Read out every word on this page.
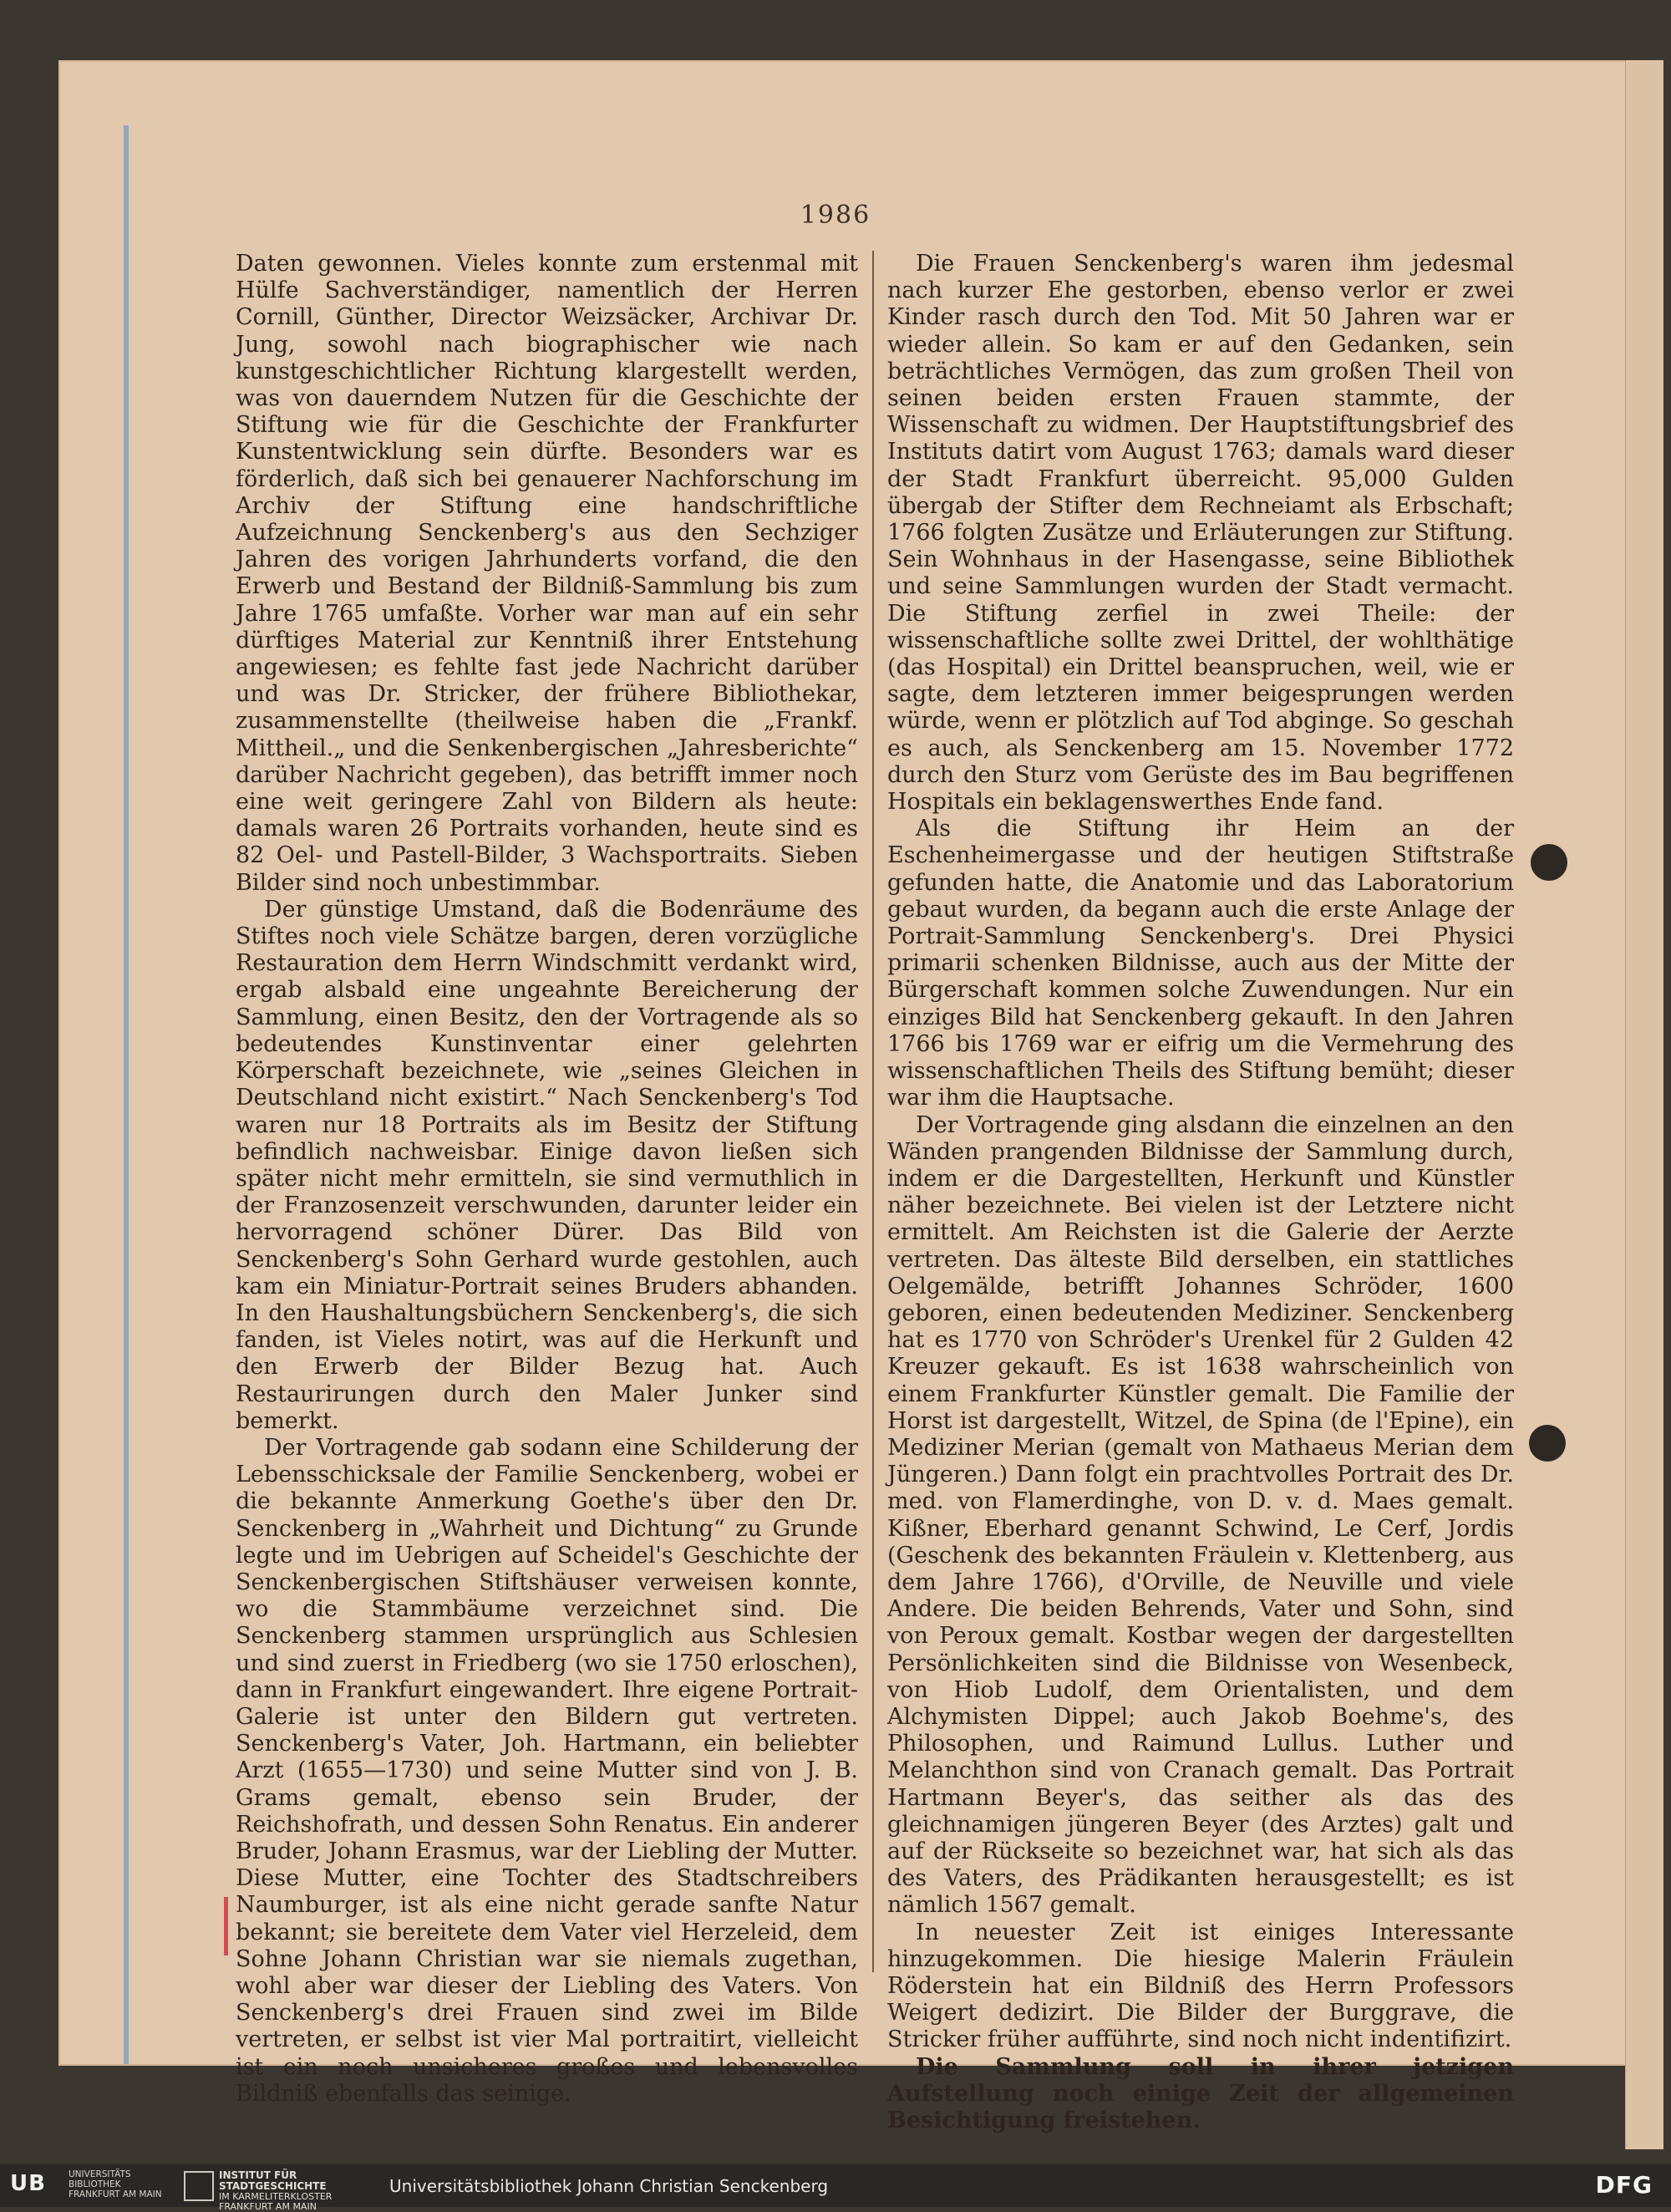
1986

Daten gewonnen. Vieles konnte zum erstenmal mit Hülfe Sachverständiger, namentlich der Herren Cornill, Günther, Director Weizsäcker, Archivar Dr. Jung, sowohl nach biographischer wie nach kunstgeschichtlicher Richtung klargestellt werden, was von dauerndem Nutzen für die Geschichte der Stiftung wie für die Geschichte der Frankfurter Kunstentwicklung sein dürfte. Besonders war es förderlich, daß sich bei genauerer Nachforschung im Archiv der Stiftung eine handschriftliche Aufzeichnung Senckenberg's aus den Sechziger Jahren des vorigen Jahrhunderts vorfand, die den Erwerb und Bestand der Bildniß-Sammlung bis zum Jahre 1765 umfaßte. Vorher war man auf ein sehr dürftiges Material zur Kenntniß ihrer Entstehung angewiesen; es fehlte fast jede Nachricht darüber und was Dr. Stricker, der frühere Bibliothekar, zusammenstellte (theilweise haben die „Frankf. Mittheil.„ und die Senkenbergischen „Jahresberichte“ darüber Nachricht gegeben), das betrifft immer noch eine weit geringere Zahl von Bildern als heute: damals waren 26 Portraits vorhanden, heute sind es 82 Oel- und Pastell-Bilder, 3 Wachsportraits. Sieben Bilder sind noch unbestimmbar.

Der günstige Umstand, daß die Bodenräume des Stiftes noch viele Schätze bargen, deren vorzügliche Restauration dem Herrn Windschmitt verdankt wird, ergab alsbald eine ungeahnte Bereicherung der Sammlung, einen Besitz, den der Vortragende als so bedeutendes Kunstinventar einer gelehrten Körperschaft bezeichnete, wie „seines Gleichen in Deutschland nicht existirt.“ Nach Senckenberg's Tod waren nur 18 Portraits als im Besitz der Stiftung befindlich nachweisbar. Einige davon ließen sich später nicht mehr ermitteln, sie sind vermuthlich in der Franzosenzeit verschwunden, darunter leider ein hervorragend schöner Dürer. Das Bild von Senckenberg's Sohn Gerhard wurde gestohlen, auch kam ein Miniatur-Portrait seines Bruders abhanden. In den Haushaltungsbüchern Senckenberg's, die sich fanden, ist Vieles notirt, was auf die Herkunft und den Erwerb der Bilder Bezug hat. Auch Restaurirungen durch den Maler Junker sind bemerkt.

Der Vortragende gab sodann eine Schilderung der Lebensschicksale der Familie Senckenberg, wobei er die bekannte Anmerkung Goethe's über den Dr. Senckenberg in „Wahrheit und Dichtung“ zu Grunde legte und im Uebrigen auf Scheidel's Geschichte der Senckenbergischen Stiftshäuser verweisen konnte, wo die Stammbäume verzeichnet sind. Die Senckenberg stammen ursprünglich aus Schlesien und sind zuerst in Friedberg (wo sie 1750 erloschen), dann in Frankfurt eingewandert. Ihre eigene Portrait-Galerie ist unter den Bildern gut vertreten. Senckenberg's Vater, Joh. Hartmann, ein beliebter Arzt (1655—1730) und seine Mutter sind von J. B. Grams gemalt, ebenso sein Bruder, der Reichshofrath, und dessen Sohn Renatus. Ein anderer Bruder, Johann Erasmus, war der Liebling der Mutter. Diese Mutter, eine Tochter des Stadtschreibers Naumburger, ist als eine nicht gerade sanfte Natur bekannt; sie bereitete dem Vater viel Herzeleid, dem Sohne Johann Christian war sie niemals zugethan, wohl aber war dieser der Liebling des Vaters. Von Senckenberg's drei Frauen sind zwei im Bilde vertreten, er selbst ist vier Mal portraitirt, vielleicht ist ein noch unsicheres großes und lebensvolles Bildniß ebenfalls das seinige.

Die Frauen Senckenberg's waren ihm jedesmal nach kurzer Ehe gestorben, ebenso verlor er zwei Kinder rasch durch den Tod. Mit 50 Jahren war er wieder allein. So kam er auf den Gedanken, sein beträchtliches Vermögen, das zum großen Theil von seinen beiden ersten Frauen stammte, der Wissenschaft zu widmen. Der Hauptstiftungsbrief des Instituts datirt vom August 1763; damals ward dieser der Stadt Frankfurt überreicht. 95,000 Gulden übergab der Stifter dem Rechneiamt als Erbschaft; 1766 folgten Zusätze und Erläuterungen zur Stiftung. Sein Wohnhaus in der Hasengasse, seine Bibliothek und seine Sammlungen wurden der Stadt vermacht. Die Stiftung zerfiel in zwei Theile: der wissenschaftliche sollte zwei Drittel, der wohlthätige (das Hospital) ein Drittel beanspruchen, weil, wie er sagte, dem letzteren immer beigesprungen werden würde, wenn er plötzlich auf Tod abginge. So geschah es auch, als Senckenberg am 15. November 1772 durch den Sturz vom Gerüste des im Bau begriffenen Hospitals ein beklagenswerthes Ende fand.

Als die Stiftung ihr Heim an der Eschenheimergasse und der heutigen Stiftstraße gefunden hatte, die Anatomie und das Laboratorium gebaut wurden, da begann auch die erste Anlage der Portrait-Sammlung Senckenberg's. Drei Physici primarii schenken Bildnisse, auch aus der Mitte der Bürgerschaft kommen solche Zuwendungen. Nur ein einziges Bild hat Senckenberg gekauft. In den Jahren 1766 bis 1769 war er eifrig um die Vermehrung des wissenschaftlichen Theils des Stiftung bemüht; dieser war ihm die Hauptsache.

Der Vortragende ging alsdann die einzelnen an den Wänden prangenden Bildnisse der Sammlung durch, indem er die Dargestellten, Herkunft und Künstler näher bezeichnete. Bei vielen ist der Letztere nicht ermittelt. Am Reichsten ist die Galerie der Aerzte vertreten. Das älteste Bild derselben, ein stattliches Oelgemälde, betrifft Johannes Schröder, 1600 geboren, einen bedeutenden Mediziner. Senckenberg hat es 1770 von Schröder's Urenkel für 2 Gulden 42 Kreuzer gekauft. Es ist 1638 wahrscheinlich von einem Frankfurter Künstler gemalt. Die Familie der Horst ist dargestellt, Witzel, de Spina (de l'Epine), ein Mediziner Merian (gemalt von Mathaeus Merian dem Jüngeren.) Dann folgt ein prachtvolles Portrait des Dr. med. von Flamerdinghe, von D. v. d. Maes gemalt. Kißner, Eberhard genannt Schwind, Le Cerf, Jordis (Geschenk des bekannten Fräulein v. Klettenberg, aus dem Jahre 1766), d'Orville, de Neuville und viele Andere. Die beiden Behrends, Vater und Sohn, sind von Peroux gemalt. Kostbar wegen der dargestellten Persönlichkeiten sind die Bildnisse von Wesenbeck, von Hiob Ludolf, dem Orientalisten, und dem Alchymisten Dippel; auch Jakob Boehme's, des Philosophen, und Raimund Lullus. Luther und Melanchthon sind von Cranach gemalt. Das Portrait Hartmann Beyer's, das seither als das des gleichnamigen jüngeren Beyer (des Arztes) galt und auf der Rückseite so bezeichnet war, hat sich als das des Vaters, des Prädikanten herausgestellt; es ist nämlich 1567 gemalt.

In neuester Zeit ist einiges Interessante hinzugekommen. Die hiesige Malerin Fräulein Röderstein hat ein Bildniß des Herrn Professors Weigert dedizirt. Die Bilder der Burggrave, die Stricker früher aufführte, sind noch nicht indentifizirt.

Die Sammlung soll in ihrer jetzigen Aufstellung noch einige Zeit der allgemeinen Besichtigung freistehen.

UB	UNIVERSITÄTS
BIBLIOTHEK
FRANKFURT AM MAIN
INSTITUT FÜR
STADTGESCHICHTE
IM KARMELITERKLOSTER
FRANKFURT AM MAIN
Universitätsbibliothek Johann Christian Senckenberg	DFG
